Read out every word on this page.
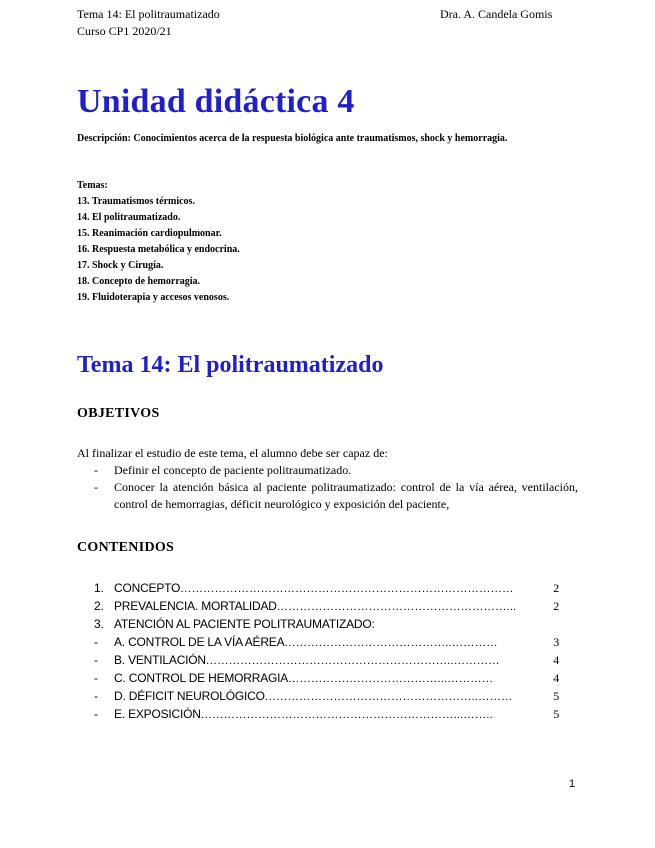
Tema 14: El politraumatizado
Curso CP1 2020/21
Dra. A. Candela Gomis
Unidad didáctica 4
Descripción: Conocimientos acerca de la respuesta biológica ante traumatismos, shock y hemorragia.
Temas:
13. Traumatismos térmicos.
14. El politraumatizado.
15. Reanimación cardiopulmonar.
16. Respuesta metabólica y endocrina.
17. Shock y Cirugía.
18. Concepto de hemorragia.
19. Fluidoterapia y accesos venosos.
Tema 14: El politraumatizado
OBJETIVOS
Al finalizar el estudio de este tema, el alumno debe ser capaz de:
- Definir el concepto de paciente politraumatizado.
- Conocer la atención básica al paciente politraumatizado: control de la vía aérea, ventilación, control de hemorragias, déficit neurológico y exposición del paciente,
CONTENIDOS
1. CONCEPTO ……………………………………………………………………………	2
2. PREVALENCIA. MORTALIDAD ……………………………………………………...	2
3. ATENCIÓN AL PACIENTE POLITRAUMATIZADO:
-	A. CONTROL DE LA VÍA AÉREA ……………………………………..…………	3
-	B. VENTILACIÓN ………………………………………………………..…………	4
-	C. CONTROL DE HEMORRAGIA …………………………………...…………	4
-	D. DÉFICIT NEUROLÓGICO ………………………………………………..………	5
-	E. EXPOSICIÓN …………………………………………………………...……..	5
1
